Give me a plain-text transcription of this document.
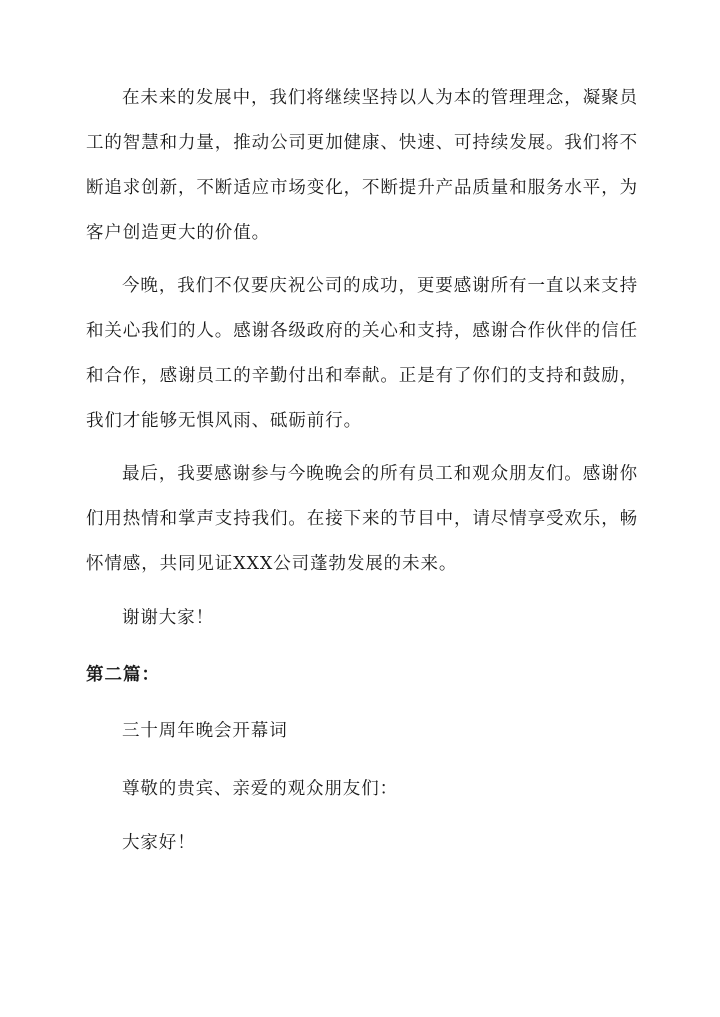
在未来的发展中，我们将继续坚持以人为本的管理理念，凝聚员工的智慧和力量，推动公司更加健康、快速、可持续发展。我们将不断追求创新，不断适应市场变化，不断提升产品质量和服务水平，为客户创造更大的价值。

今晚，我们不仅要庆祝公司的成功，更要感谢所有一直以来支持和关心我们的人。感谢各级政府的关心和支持，感谢合作伙伴的信任和合作，感谢员工的辛勤付出和奉献。正是有了你们的支持和鼓励，我们才能够无惧风雨、砥砺前行。

最后，我要感谢参与今晚晚会的所有员工和观众朋友们。感谢你们用热情和掌声支持我们。在接下来的节目中，请尽情享受欢乐，畅怀情感，共同见证XXX公司蓬勃发展的未来。

谢谢大家！

第二篇：

三十周年晚会开幕词

尊敬的贵宾、亲爱的观众朋友们：

大家好！
